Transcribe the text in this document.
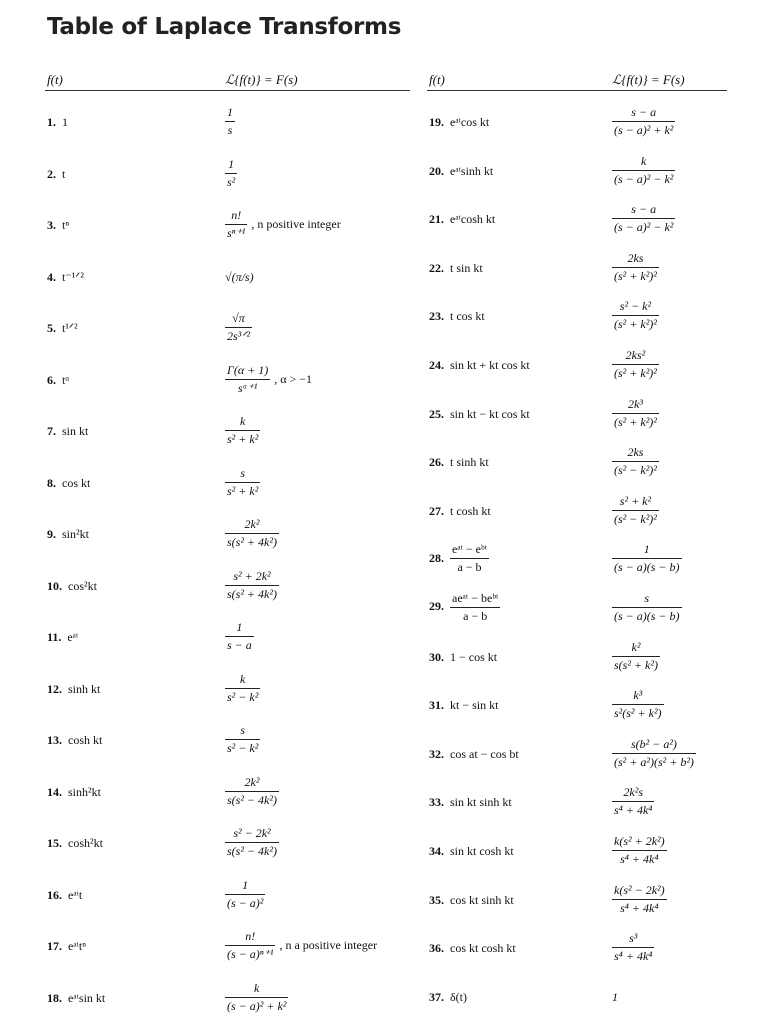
Table of Laplace Transforms
f(t)	ℒ{f(t)} = F(s)
1. 1	$\frac{1}{s}$
2. t	$\frac{1}{\text{s²}}$
3. tⁿ	$\frac{n!}{\text{sⁿ⁺¹}}$ , n positive integer
4. t⁻¹ᐟ²	√(π/s)
5. t¹ᐟ²	$\frac{√\pi}{\text{2s³ᐟ²}}$
6. tᵅ	$\frac{\Gamma(\alpha + 1)}{\text{sᵅ⁺¹}}$ , α > −1
7. sin kt	$\frac{k}{\text{s² + k²}}$
8. cos kt	$\frac{s}{\text{s² + k²}}$
9. sin²kt	$\frac{\text{2k²}}{\text{s(s² + 4k²)}}$
10. cos²kt	$\frac{\text{s² + 2k²}}{\text{s(s² + 4k²)}}$
11. eᵃᵗ	$\frac{1}{s - a}$
12. sinh kt	$\frac{k}{\text{s² − k²}}$
13. cosh kt	$\frac{s}{\text{s² − k²}}$
14. sinh²kt	$\frac{\text{2k²}}{\text{s(s² − 4k²)}}$
15. cosh²kt	$\frac{\text{s² − 2k²}}{\text{s(s² − 4k²)}}$
16. eᵃᵗt	$\frac{1}{\text{(s − a)²}}$
17. eᵃᵗtⁿ	$\frac{n!}{\text{(s − a)ⁿ⁺¹}}$ , n a positive integer
18. eᵃᵗsin kt	$\frac{k}{\text{(s − a)² + k²}}$
f(t)	ℒ{f(t)} = F(s)
19. eᵃᵗcos kt	$\frac{s - a}{\text{(s − a)² + k²}}$
20. eᵃᵗsinh kt	$\frac{k}{\text{(s − a)² − k²}}$
21. eᵃᵗcosh kt	$\frac{s - a}{\text{(s − a)² − k²}}$
22. t sin kt	$\frac{2ks}{\text{(s² + k²)²}}$
23. t cos kt	$\frac{\text{s² − k²}}{\text{(s² + k²)²}}$
24. sin kt + kt cos kt	$\frac{\text{2ks²}}{\text{(s² + k²)²}}$
25. sin kt − kt cos kt	$\frac{\text{2k³}}{\text{(s² + k²)²}}$
26. t sinh kt	$\frac{2ks}{\text{(s² − k²)²}}$
27. t cosh kt	$\frac{\text{s² + k²}}{\text{(s² − k²)²}}$
28. $\frac{\text{eᵃᵗ − eᵇᵗ}}{a - b}$	$\frac{1}{(s - a)(s - b)}$
29. $\frac{\text{aeᵃᵗ − beᵇᵗ}}{a - b}$	$\frac{s}{(s - a)(s - b)}$
30. 1 − cos kt	$\frac{\text{k²}}{\text{s(s² + k²)}}$
31. kt − sin kt	$\frac{\text{k³}}{\text{s²(s² + k²)}}$
32. cos at − cos bt	$\frac{\text{s(b² − a²)}}{\text{(s² + a²)(s² + b²)}}$
33. sin kt sinh kt	$\frac{\text{2k²s}}{\text{s⁴ + 4k⁴}}$
34. sin kt cosh kt	$\frac{\text{k(s² + 2k²)}}{\text{s⁴ + 4k⁴}}$
35. cos kt sinh kt	$\frac{\text{k(s² − 2k²)}}{\text{s⁴ + 4k⁴}}$
36. cos kt cosh kt	$\frac{\text{s³}}{\text{s⁴ + 4k⁴}}$
37. δ(t)	1
